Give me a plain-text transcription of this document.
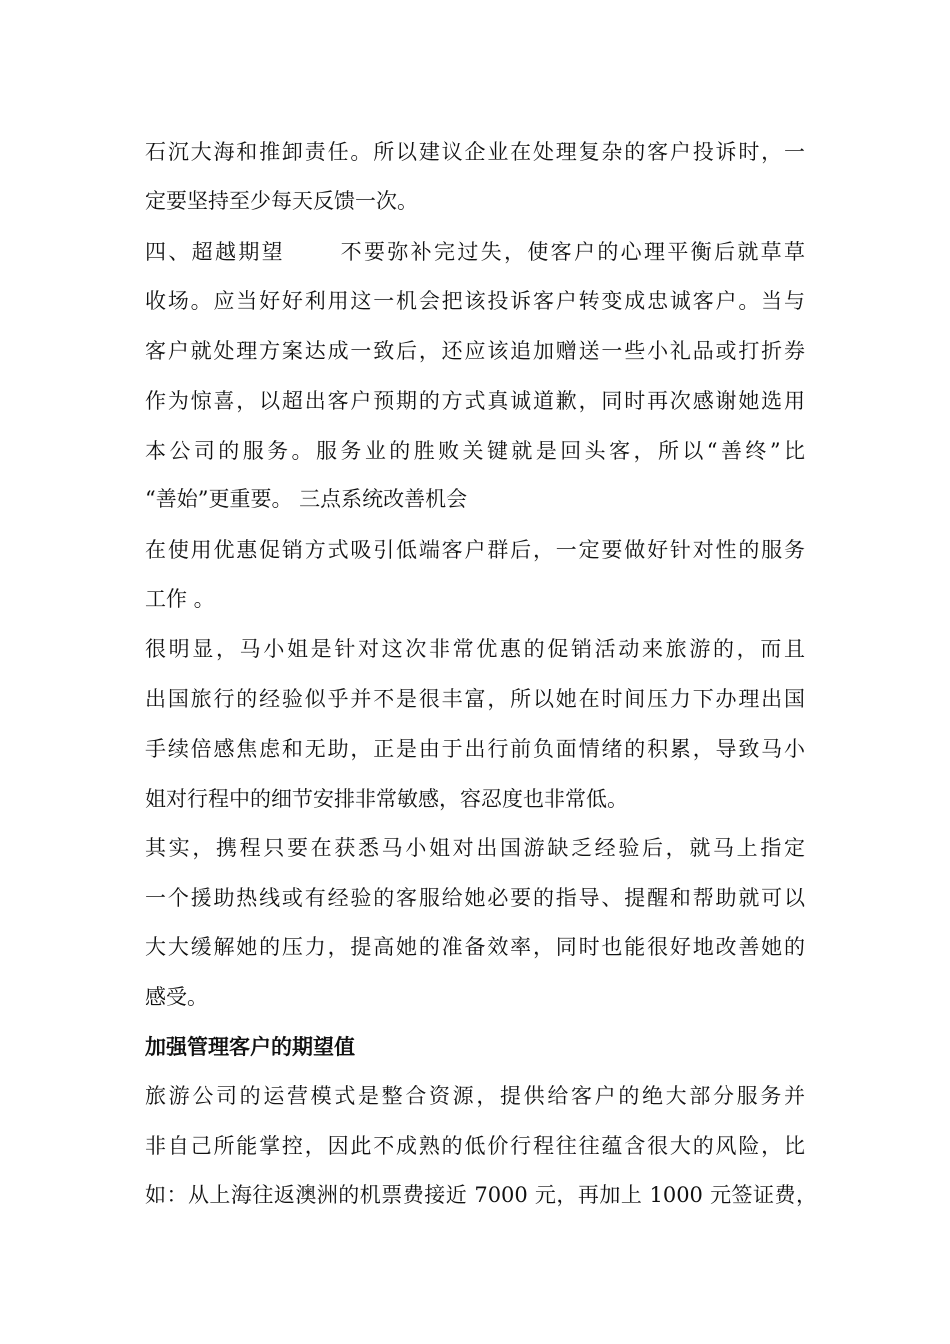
石沉大海和推卸责任。所以建议企业在处理复杂的客户投诉时，一
定要坚持至少每天反馈一次。
四、超越期望　　 不要弥补完过失，使客户的心理平衡后就草草
收场。应当好好利用这一机会把该投诉客户转变成忠诚客户。当与
客户就处理方案达成一致后，还应该追加赠送一些小礼品或打折券
作为惊喜，以超出客户预期的方式真诚道歉，同时再次感谢她选用
本公司的服务。服务业的胜败关键就是回头客，所以“善终”比
“善始”更重要。 三点系统改善机会
在使用优惠促销方式吸引低端客户群后，一定要做好针对性的服务
工作 。
很明显，马小姐是针对这次非常优惠的促销活动来旅游的，而且
出国旅行的经验似乎并不是很丰富，所以她在时间压力下办理出国
手续倍感焦虑和无助，正是由于出行前负面情绪的积累，导致马小
姐对行程中的细节安排非常敏感，容忍度也非常低。
其实，携程只要在获悉马小姐对出国游缺乏经验后，就马上指定
一个援助热线或有经验的客服给她必要的指导、提醒和帮助就可以
大大缓解她的压力，提高她的准备效率，同时也能很好地改善她的
感受。
加强管理客户的期望值
旅游公司的运营模式是整合资源，提供给客户的绝大部分服务并
非自己所能掌控，因此不成熟的低价行程往往蕴含很大的风险，比
如：从上海往返澳洲的机票费接近 7000 元，再加上 1000 元签证费，
